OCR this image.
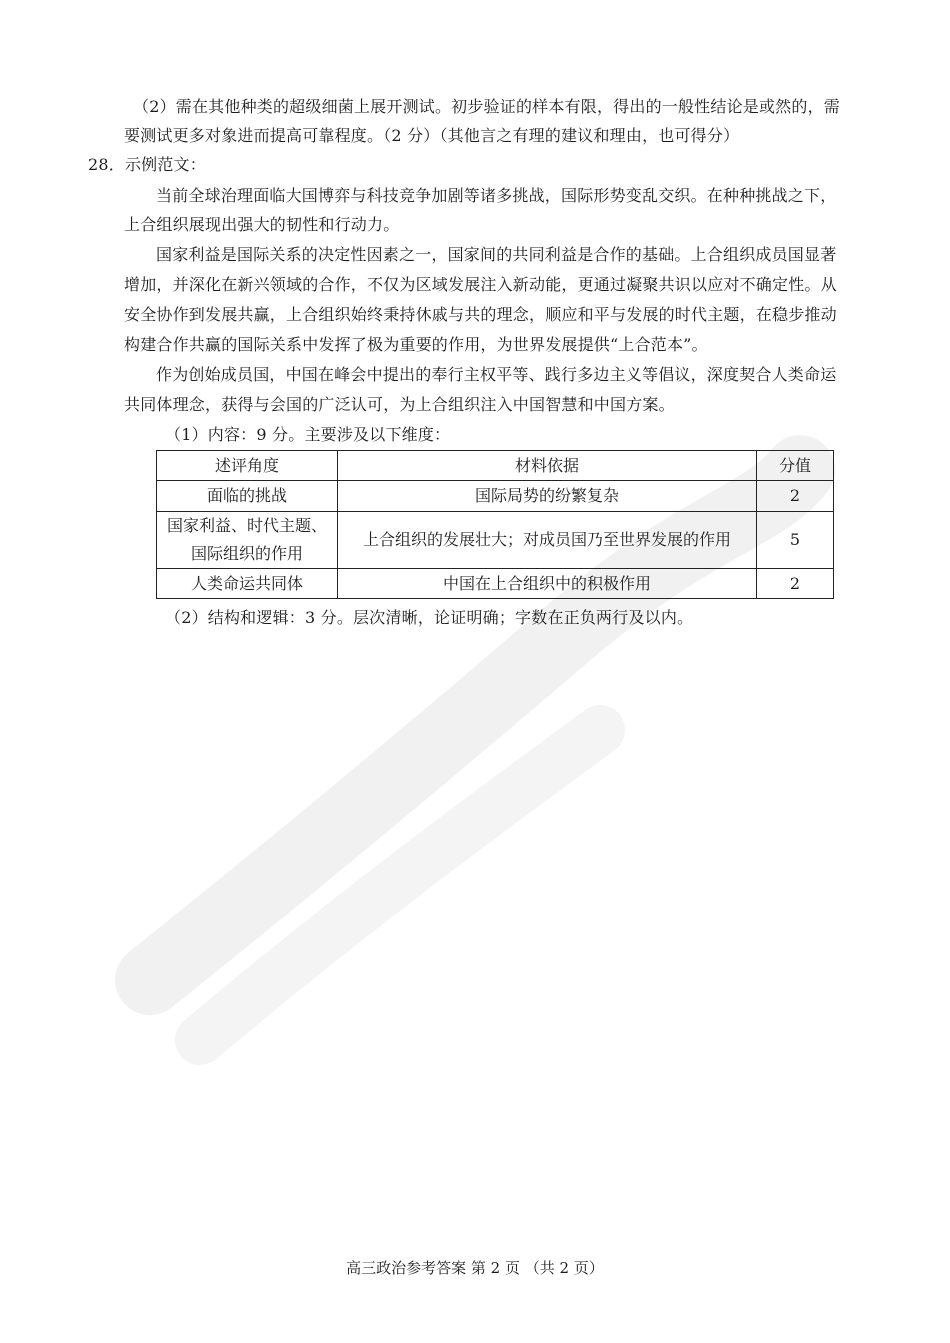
（2）需在其他种类的超级细菌上展开测试。初步验证的样本有限，得出的一般性结论是或然的，需
要测试更多对象进而提高可靠程度。（2 分）（其他言之有理的建议和理由，也可得分）
28．示例范文：
当前全球治理面临大国博弈与科技竞争加剧等诸多挑战，国际形势变乱交织。在种种挑战之下，
上合组织展现出强大的韧性和行动力。
国家利益是国际关系的决定性因素之一，国家间的共同利益是合作的基础。上合组织成员国显著
增加，并深化在新兴领域的合作，不仅为区域发展注入新动能，更通过凝聚共识以应对不确定性。从
安全协作到发展共赢，上合组织始终秉持休戚与共的理念，顺应和平与发展的时代主题，在稳步推动
构建合作共赢的国际关系中发挥了极为重要的作用，为世界发展提供“上合范本”。
作为创始成员国，中国在峰会中提出的奉行主权平等、践行多边主义等倡议，深度契合人类命运
共同体理念，获得与会国的广泛认可，为上合组织注入中国智慧和中国方案。
（1）内容：9 分。主要涉及以下维度：
述评角度	材料依据	分值
面临的挑战	国际局势的纷繁复杂	2

国家利益、时代主题、
国际组织的作用	上合组织的发展壮大；对成员国乃至世界发展的作用	5
人类命运共同体	中国在上合组织中的积极作用	2
（2）结构和逻辑：3 分。层次清晰，论证明确；字数在正负两行及以内。
高三政治参考答案 第 2 页 （共 2 页）
